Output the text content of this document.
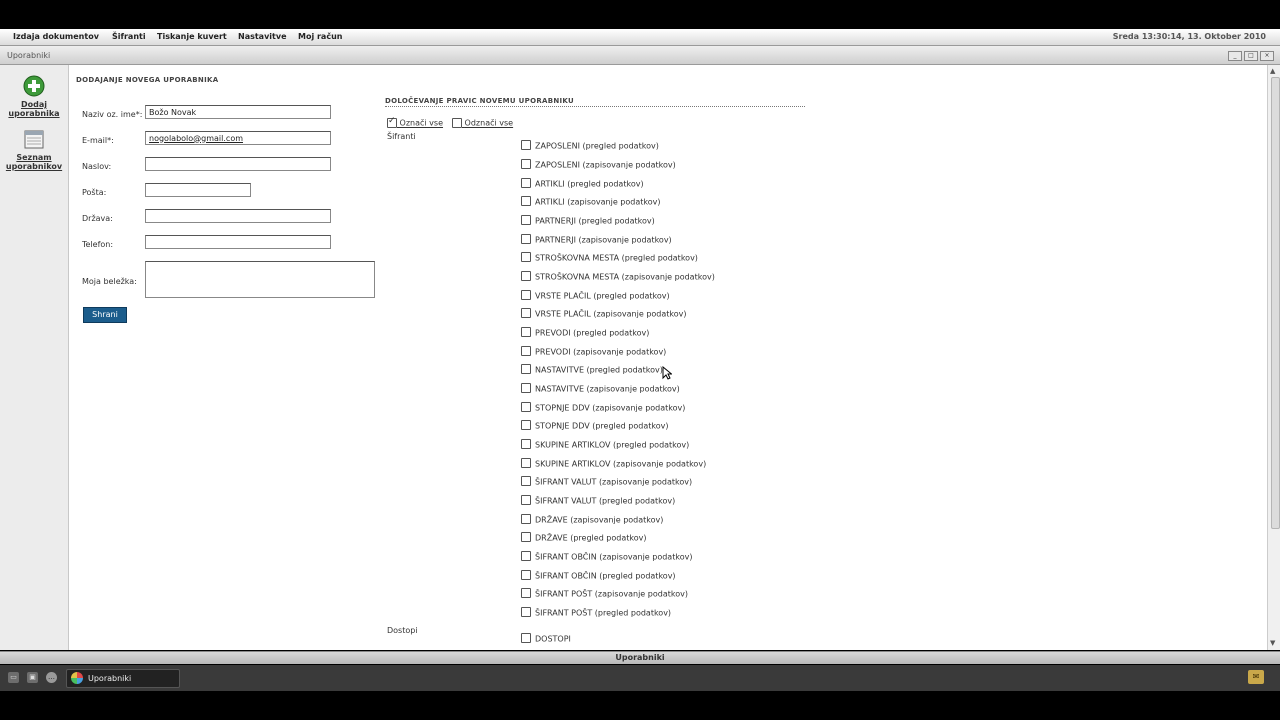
Izdaja dokumentov Šifranti Tiskanje kuvert Nastavitve Moj račun	Sreda 13:30:14, 13. Oktober 2010
Uporabniki	_	□	×
Dodaj uporabnika
Seznam uporabnikov
DODAJANJE NOVEGA UPORABNIKA
Naziv oz. ime*:
Božo Novak
E-mail*:
nogolabolo@gmail.com
Naslov:
Pošta:
Država:
Telefon:
Moja beležka:
Shrani
DOLOČEVANJE PRAVIC NOVEMU UPORABNIKU
✓ Označi vse	Odznači vse
Šifranti
ZAPOSLENI (pregled podatkov)
ZAPOSLENI (zapisovanje podatkov)
ARTIKLI (pregled podatkov)
ARTIKLI (zapisovanje podatkov)
PARTNERJI (pregled podatkov)
PARTNERJI (zapisovanje podatkov)
STROŠKOVNA MESTA (pregled podatkov)
STROŠKOVNA MESTA (zapisovanje podatkov)
VRSTE PLAČIL (pregled podatkov)
VRSTE PLAČIL (zapisovanje podatkov)
PREVODI (pregled podatkov)
PREVODI (zapisovanje podatkov)
NASTAVITVE (pregled podatkov)
NASTAVITVE (zapisovanje podatkov)
STOPNJE DDV (zapisovanje podatkov)
STOPNJE DDV (pregled podatkov)
SKUPINE ARTIKLOV (pregled podatkov)
SKUPINE ARTIKLOV (zapisovanje podatkov)
ŠIFRANT VALUT (zapisovanje podatkov)
ŠIFRANT VALUT (pregled podatkov)
DRŽAVE (zapisovanje podatkov)
DRŽAVE (pregled podatkov)
ŠIFRANT OBČIN (zapisovanje podatkov)
ŠIFRANT OBČIN (pregled podatkov)
ŠIFRANT POŠT (zapisovanje podatkov)
ŠIFRANT POŠT (pregled podatkov)
Dostopi
DOSTOPI
▲
▼
Uporabniki
▭	▣	…	Uporabniki	✉
